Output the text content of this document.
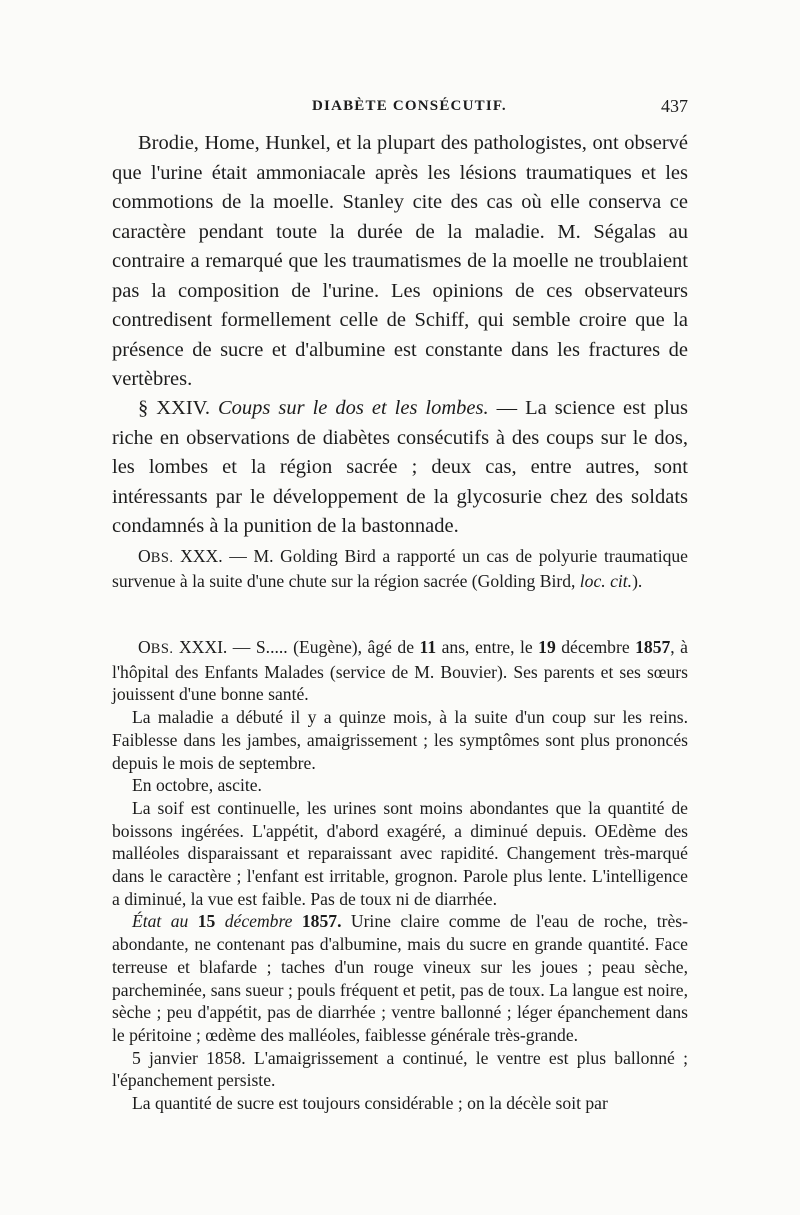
DIABÈTE CONSÉCUTIF.	437

Brodie, Home, Hunkel, et la plupart des pathologistes, ont observé que l'urine était ammoniacale après les lésions traumatiques et les commotions de la moelle. Stanley cite des cas où elle conserva ce caractère pendant toute la durée de la maladie. M. Ségalas au contraire a remarqué que les traumatismes de la moelle ne troublaient pas la composition de l'urine. Les opinions de ces observateurs contredisent formellement celle de Schiff, qui semble croire que la présence de sucre et d'albumine est constante dans les fractures de vertèbres.

§ XXIV. Coups sur le dos et les lombes. — La science est plus riche en observations de diabètes consécutifs à des coups sur le dos, les lombes et la région sacrée ; deux cas, entre autres, sont intéressants par le développement de la glycosurie chez des soldats condamnés à la punition de la bastonnade.

OBS. XXX. — M. Golding Bird a rapporté un cas de polyurie traumatique survenue à la suite d'une chute sur la région sacrée (Golding Bird, loc. cit.).

OBS. XXXI. — S..... (Eugène), âgé de 11 ans, entre, le 19 décembre 1857, à l'hôpital des Enfants Malades (service de M. Bouvier). Ses parents et ses sœurs jouissent d'une bonne santé.

La maladie a débuté il y a quinze mois, à la suite d'un coup sur les reins. Faiblesse dans les jambes, amaigrissement ; les symptômes sont plus prononcés depuis le mois de septembre.

En octobre, ascite.

La soif est continuelle, les urines sont moins abondantes que la quantité de boissons ingérées. L'appétit, d'abord exagéré, a diminué depuis. OEdème des malléoles disparaissant et reparaissant avec rapidité. Changement très-marqué dans le caractère ; l'enfant est irritable, grognon. Parole plus lente. L'intelligence a diminué, la vue est faible. Pas de toux ni de diarrhée.

État au 15 décembre 1857. Urine claire comme de l'eau de roche, très-abondante, ne contenant pas d'albumine, mais du sucre en grande quantité. Face terreuse et blafarde ; taches d'un rouge vineux sur les joues ; peau sèche, parcheminée, sans sueur ; pouls fréquent et petit, pas de toux. La langue est noire, sèche ; peu d'appétit, pas de diarrhée ; ventre ballonné ; léger épanchement dans le péritoine ; œdème des malléoles, faiblesse générale très-grande.

5 janvier 1858. L'amaigrissement a continué, le ventre est plus ballonné ; l'épanchement persiste.

La quantité de sucre est toujours considérable ; on la décèle soit par
